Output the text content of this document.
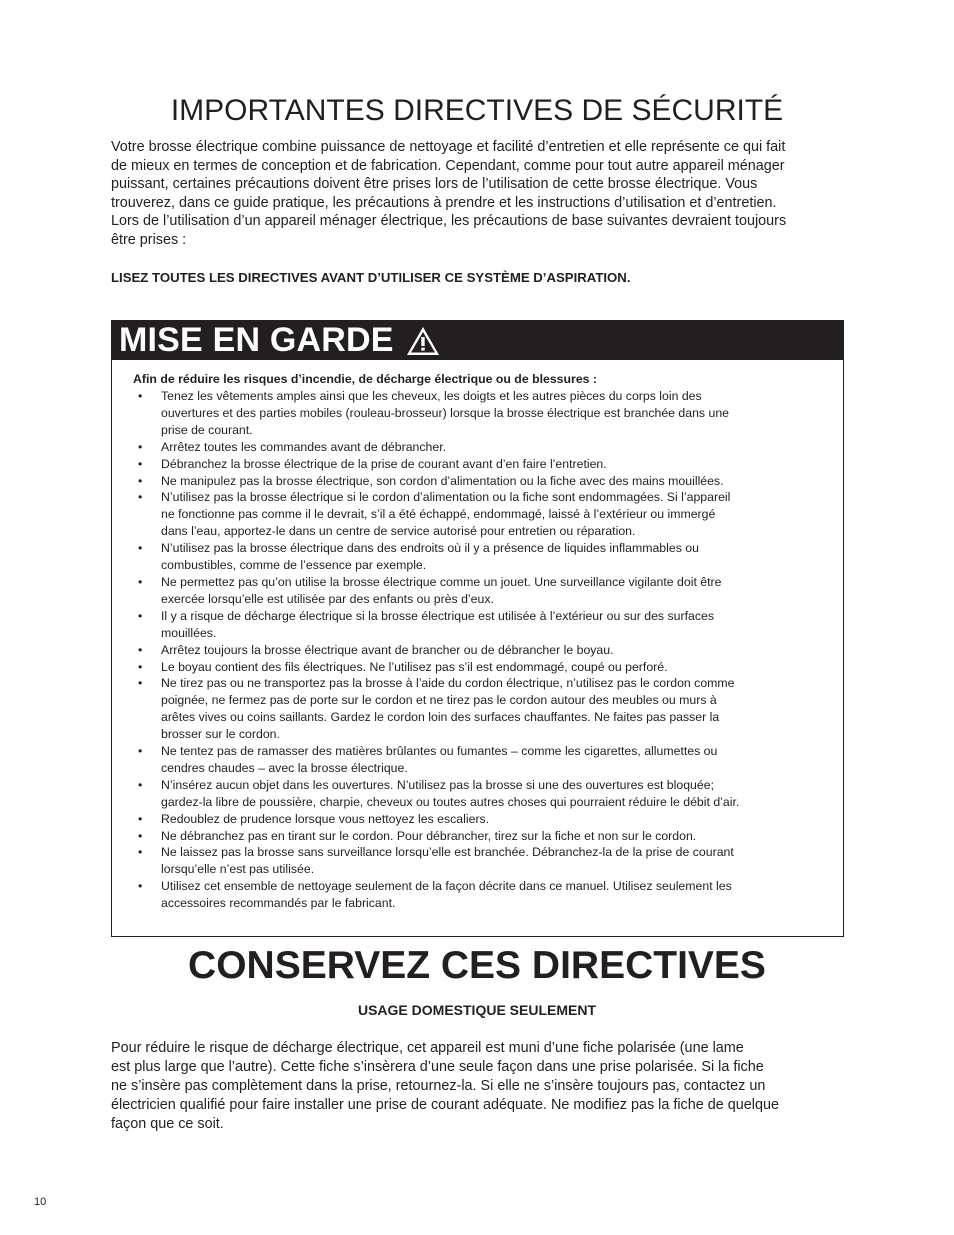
IMPORTANTES DIRECTIVES DE SÉCURITÉ
Votre brosse électrique combine puissance de nettoyage et facilité d’entretien et elle représente ce qui fait
de mieux en termes de conception et de fabrication. Cependant, comme pour tout autre appareil ménager
puissant, certaines précautions doivent être prises lors de l’utilisation de cette brosse électrique. Vous
trouverez, dans ce guide pratique, les précautions à prendre et les instructions d’utilisation et d’entretien.
Lors de l’utilisation d’un appareil ménager électrique, les précautions de base suivantes devraient toujours
être prises :

LISEZ TOUTES LES DIRECTIVES AVANT D’UTILISER CE SYSTÈME D’ASPIRATION.

MISE EN GARDE

Afin de réduire les risques d’incendie, de décharge électrique ou de blessures :

• Tenez les vêtements amples ainsi que les cheveux, les doigts et les autres pièces du corps loin des
ouvertures et des parties mobiles (rouleau-brosseur) lorsque la brosse électrique est branchée dans une
prise de courant.
• Arrêtez toutes les commandes avant de débrancher.
• Débranchez la brosse électrique de la prise de courant avant d’en faire l’entretien.
• Ne manipulez pas la brosse électrique, son cordon d’alimentation ou la fiche avec des mains mouillées.
• N’utilisez pas la brosse électrique si le cordon d’alimentation ou la fiche sont endommagées. Si l’appareil
ne fonctionne pas comme il le devrait, s’il a été échappé, endommagé, laissé à l’extérieur ou immergé
dans l’eau, apportez-le dans un centre de service autorisé pour entretien ou réparation.
• N’utilisez pas la brosse électrique dans des endroits où il y a présence de liquides inflammables ou
combustibles, comme de l’essence par exemple.
• Ne permettez pas qu’on utilise la brosse électrique comme un jouet. Une surveillance vigilante doit être
exercée lorsqu’elle est utilisée par des enfants ou près d’eux.
• Il y a risque de décharge électrique si la brosse électrique est utilisée à l’extérieur ou sur des surfaces
mouillées.
• Arrêtez toujours la brosse électrique avant de brancher ou de débrancher le boyau.
• Le boyau contient des fils électriques. Ne l’utilisez pas s’il est endommagé, coupé ou perforé.
• Ne tirez pas ou ne transportez pas la brosse à l’aide du cordon électrique, n’utilisez pas le cordon comme
poignée, ne fermez pas de porte sur le cordon et ne tirez pas le cordon autour des meubles ou murs à
arêtes vives ou coins saillants. Gardez le cordon loin des surfaces chauffantes. Ne faites pas passer la
brosser sur le cordon.
• Ne tentez pas de ramasser des matières brûlantes ou fumantes – comme les cigarettes, allumettes ou
cendres chaudes – avec la brosse électrique.
• N’insérez aucun objet dans les ouvertures. N’utilisez pas la brosse si une des ouvertures est bloquée;
gardez-la libre de poussière, charpie, cheveux ou toutes autres choses qui pourraient réduire le débit d’air.
• Redoublez de prudence lorsque vous nettoyez les escaliers.
• Ne débranchez pas en tirant sur le cordon. Pour débrancher, tirez sur la fiche et non sur le cordon.
• Ne laissez pas la brosse sans surveillance lorsqu’elle est branchée. Débranchez-la de la prise de courant
lorsqu’elle n’est pas utilisée.
• Utilisez cet ensemble de nettoyage seulement de la façon décrite dans ce manuel. Utilisez seulement les
accessoires recommandés par le fabricant.
CONSERVEZ CES DIRECTIVES

USAGE DOMESTIQUE SEULEMENT

Pour réduire le risque de décharge électrique, cet appareil est muni d’une fiche polarisée (une lame
est plus large que l’autre). Cette fiche s’insèrera d’une seule façon dans une prise polarisée. Si la fiche
ne s’insère pas complètement dans la prise, retournez-la. Si elle ne s’insère toujours pas, contactez un
électricien qualifié pour faire installer une prise de courant adéquate. Ne modifiez pas la fiche de quelque
façon que ce soit.
10
